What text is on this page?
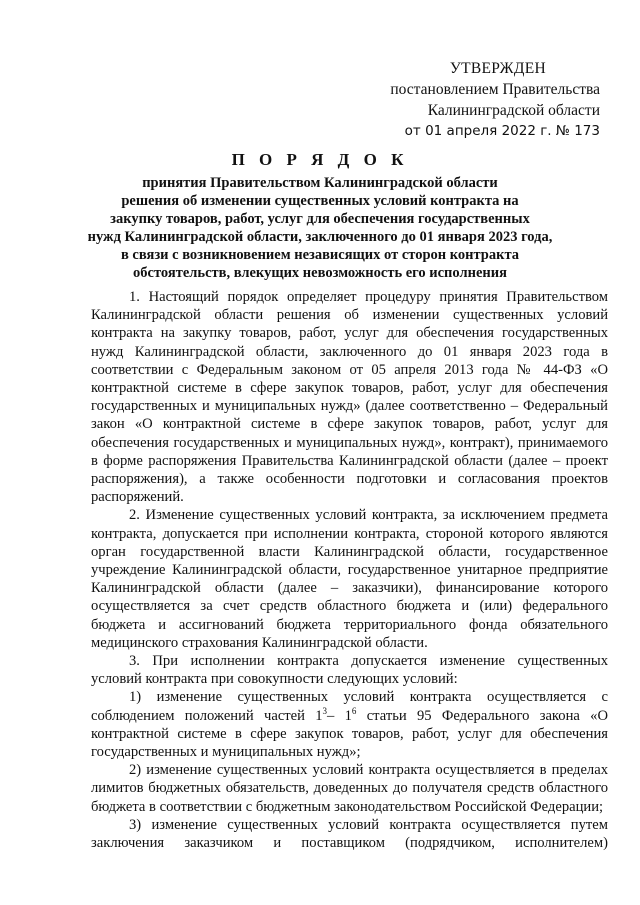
УТВЕРЖДЕН
постановлением Правительства
Калининградской области
от 01 апреля 2022 г. № 173
П О Р Я Д О К
принятия Правительством Калининградской области
решения об изменении существенных условий контракта на
закупку товаров, работ, услуг для обеспечения государственных
нужд Калининградской области, заключенного до 01 января 2023 года,
в связи с возникновением независящих от сторон контракта
обстоятельств, влекущих невозможность его исполнения

1. Настоящий порядок определяет процедуру принятия Правительством Калининградской области решения об изменении существенных условий контракта на закупку товаров, работ, услуг для обеспечения государственных нужд Калининградской области, заключенного до 01 января 2023 года в соответствии с Федеральным законом от 05 апреля 2013 года № 44-ФЗ «О контрактной системе в сфере закупок товаров, работ, услуг для обеспечения государственных и муниципальных нужд» (далее соответственно – Федеральный закон «О контрактной системе в сфере закупок товаров, работ, услуг для обеспечения государственных и муниципальных нужд», контракт), принимаемого в форме распоряжения Правительства Калининградской области (далее – проект распоряжения), а также особенности подготовки и согласования проектов распоряжений.

2. Изменение существенных условий контракта, за исключением предмета контракта, допускается при исполнении контракта, стороной которого являются орган государственной власти Калининградской области, государственное учреждение Калининградской области, государственное унитарное предприятие Калининградской области (далее – заказчики), финансирование которого осуществляется за счет средств областного бюджета и (или) федерального бюджета и ассигнований бюджета территориального фонда обязательного медицинского страхования Калининградской области.

3. При исполнении контракта допускается изменение существенных условий контракта при совокупности следующих условий:

1) изменение существенных условий контракта осуществляется с соблюдением положений частей $1^3-$ $1^6$ статьи 95 Федерального закона «О контрактной системе в сфере закупок товаров, работ, услуг для обеспечения государственных и муниципальных нужд»;

2) изменение существенных условий контракта осуществляется в пределах лимитов бюджетных обязательств, доведенных до получателя средств областного бюджета в соответствии с бюджетным законодательством Российской Федерации;

3) изменение существенных условий контракта осуществляется путем заключения заказчиком и поставщиком (подрядчиком, исполнителем)
